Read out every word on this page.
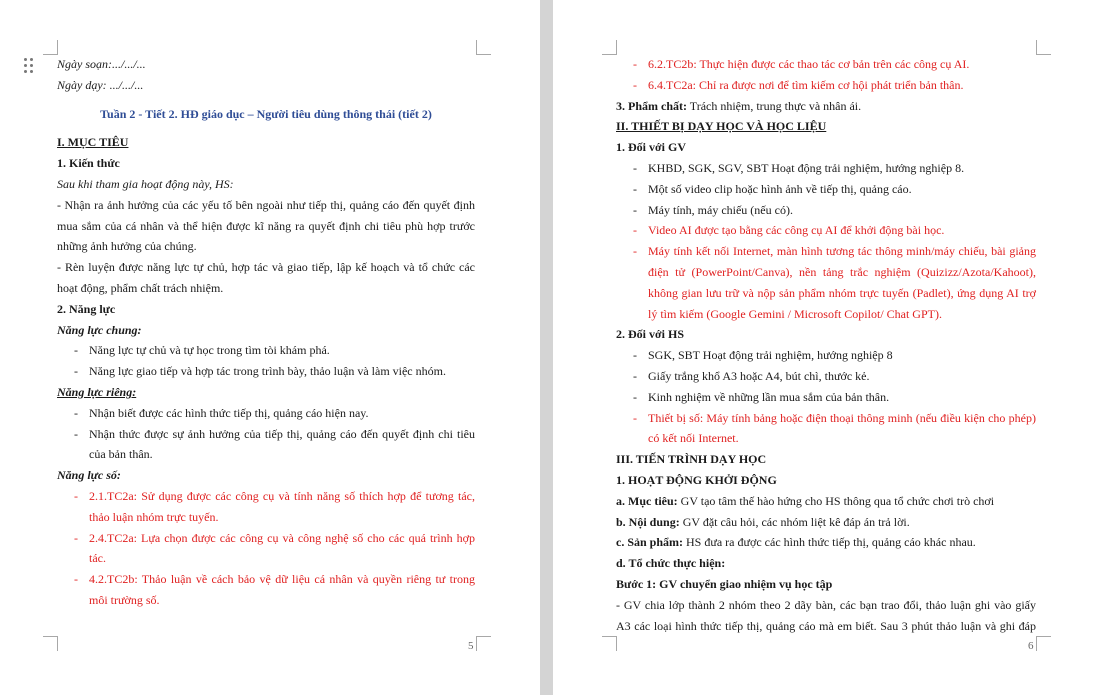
Ngày soạn:.../.../...
Ngày dạy: .../.../...
Tuần 2 - Tiết 2. HĐ giáo dục – Người tiêu dùng thông thái (tiết 2)
I. MỤC TIÊU
1. Kiến thức
Sau khi tham gia hoạt động này, HS:
- Nhận ra ảnh hưởng của các yếu tố bên ngoài như tiếp thị, quảng cáo đến quyết định
mua sắm của cá nhân và thể hiện được kĩ năng ra quyết định chi tiêu phù hợp trước
những ảnh hưởng của chúng.
- Rèn luyện được năng lực tự chủ, hợp tác và giao tiếp, lập kế hoạch và tổ chức các
hoạt động, phẩm chất trách nhiệm.
2. Năng lực
Năng lực chung:
- Năng lực tự chủ và tự học trong tìm tòi khám phá.
- Năng lực giao tiếp và hợp tác trong trình bày, thảo luận và làm việc nhóm.
Năng lực riêng:
- Nhận biết được các hình thức tiếp thị, quảng cáo hiện nay.
- Nhận thức được sự ảnh hưởng của tiếp thị, quảng cáo đến quyết định chi tiêu
của bản thân.
Năng lực số:
- 2.1.TC2a: Sử dụng được các công cụ và tính năng số thích hợp để tương tác,
thảo luận nhóm trực tuyến.
- 2.4.TC2a: Lựa chọn được các công cụ và công nghệ số cho các quá trình hợp
tác.
- 4.2.TC2b: Thảo luận về cách bảo vệ dữ liệu cá nhân và quyền riêng tư trong
môi trường số.
5
- 6.2.TC2b: Thực hiện được các thao tác cơ bản trên các công cụ AI.
- 6.4.TC2a: Chỉ ra được nơi để tìm kiếm cơ hội phát triển bản thân.
3. Phẩm chất: Trách nhiệm, trung thực và nhân ái.
II. THIẾT BỊ DẠY HỌC VÀ HỌC LIỆU
1. Đối với GV
- KHBD, SGK, SGV, SBT Hoạt động trải nghiệm, hướng nghiệp 8.
- Một số video clip hoặc hình ảnh về tiếp thị, quảng cáo.
- Máy tính, máy chiếu (nếu có).
- Video AI được tạo bằng các công cụ AI để khởi động bài học.
- Máy tính kết nối Internet, màn hình tương tác thông minh/máy chiếu, bài giảng
điện tử (PowerPoint/Canva), nền tảng trắc nghiệm (Quizizz/Azota/Kahoot),
không gian lưu trữ và nộp sản phẩm nhóm trực tuyến (Padlet), ứng dụng AI trợ
lý tìm kiếm (Google Gemini / Microsoft Copilot/ Chat GPT).
2. Đối với HS
- SGK, SBT Hoạt động trải nghiệm, hướng nghiệp 8
- Giấy trắng khổ A3 hoặc A4, bút chì, thước kẻ.
- Kinh nghiệm về những lần mua sắm của bản thân.
- Thiết bị số: Máy tính bảng hoặc điện thoại thông minh (nếu điều kiện cho phép)
có kết nối Internet.
III. TIẾN TRÌNH DẠY HỌC
1. HOẠT ĐỘNG KHỞI ĐỘNG
a. Mục tiêu: GV tạo tâm thế hào hứng cho HS thông qua tổ chức chơi trò chơi
b. Nội dung: GV đặt câu hỏi, các nhóm liệt kê đáp án trả lời.
c. Sản phẩm: HS đưa ra được các hình thức tiếp thị, quảng cáo khác nhau.
d. Tổ chức thực hiện:
Bước 1: GV chuyển giao nhiệm vụ học tập
- GV chia lớp thành 2 nhóm theo 2 dãy bàn, các bạn trao đổi, thảo luận ghi vào giấy
A3 các loại hình thức tiếp thị, quảng cáo mà em biết. Sau 3 phút thảo luận và ghi đáp
6
